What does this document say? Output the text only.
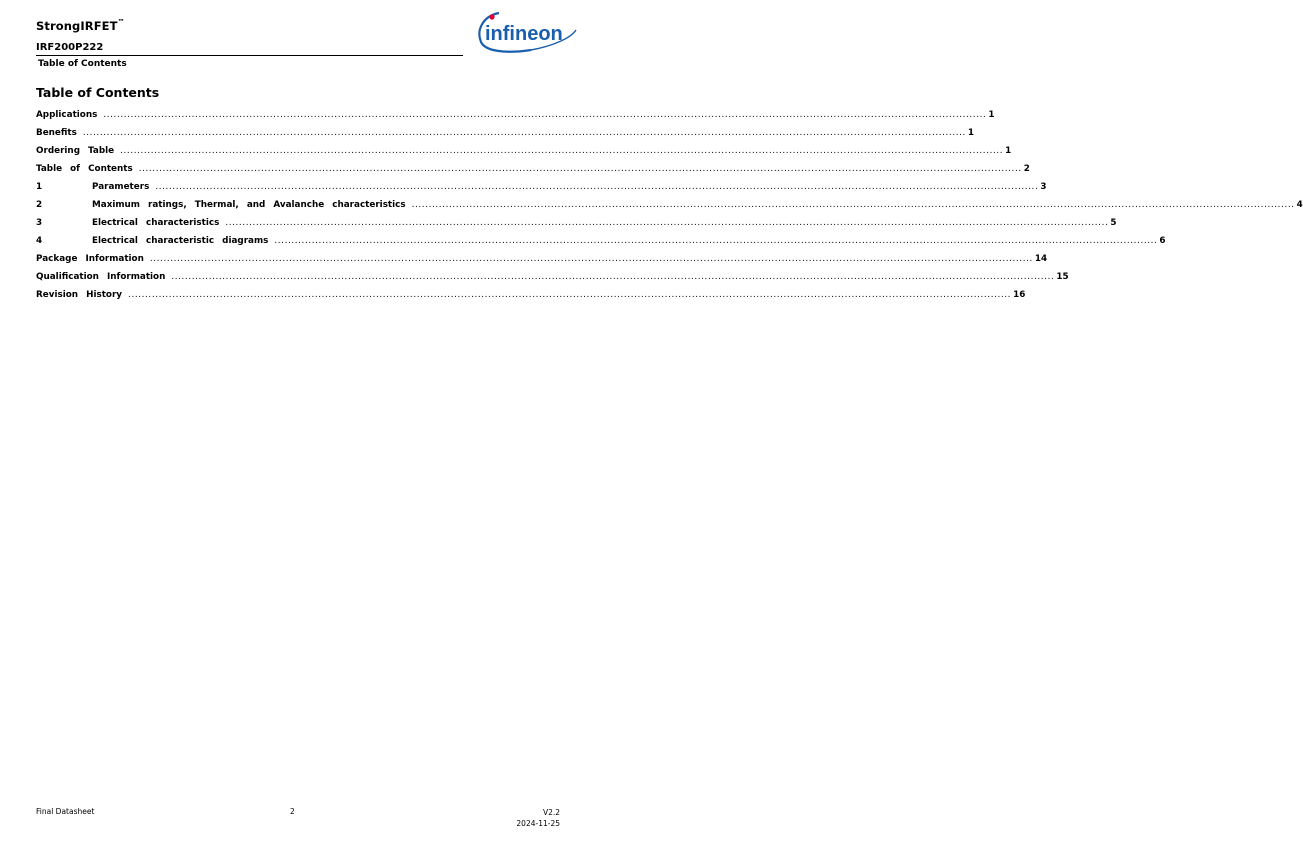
StrongIRFET™
IRF200P222
Table of Contents
infineon
Table of Contents
Applications .................................................................................................................................................................................................................................................................... 1
Benefits .................................................................................................................................................................................................................................................................... 1
Ordering Table .................................................................................................................................................................................................................................................................... 1
Table of Contents .................................................................................................................................................................................................................................................................... 2
1	Parameters .................................................................................................................................................................................................................................................................... 3
2	Maximum ratings, Thermal, and Avalanche characteristics .................................................................................................................................................................................................................................................................... 4
3	Electrical characteristics .................................................................................................................................................................................................................................................................... 5
4	Electrical characteristic diagrams .................................................................................................................................................................................................................................................................... 6
Package Information .................................................................................................................................................................................................................................................................... 14
Qualification Information .................................................................................................................................................................................................................................................................... 15
Revision History .................................................................................................................................................................................................................................................................... 16
Final Datasheet	2	V2.2
2024-11-25
